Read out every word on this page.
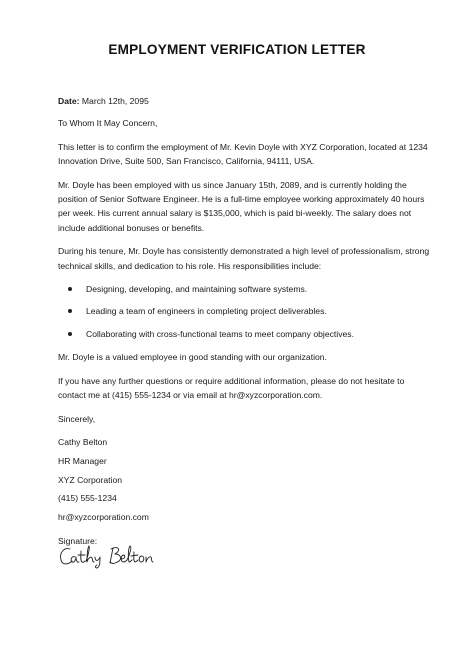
EMPLOYMENT VERIFICATION LETTER

Date: March 12th, 2095

To Whom It May Concern,

This letter is to confirm the employment of Mr. Kevin Doyle with XYZ Corporation, located at 1234 Innovation Drive, Suite 500, San Francisco, California, 94111, USA.

Mr. Doyle has been employed with us since January 15th, 2089, and is currently holding the position of Senior Software Engineer. He is a full-time employee working approximately 40 hours per week. His current annual salary is $135,000, which is paid bi-weekly. The salary does not include additional bonuses or benefits.

During his tenure, Mr. Doyle has consistently demonstrated a high level of professionalism, strong technical skills, and dedication to his role. His responsibilities include:

Designing, developing, and maintaining software systems.
Leading a team of engineers in completing project deliverables.
Collaborating with cross-functional teams to meet company objectives.

Mr. Doyle is a valued employee in good standing with our organization.

If you have any further questions or require additional information, please do not hesitate to contact me at (415) 555-1234 or via email at hr@xyzcorporation.com.

Sincerely,

Cathy Belton

HR Manager

XYZ Corporation

(415) 555-1234

hr@xyzcorporation.com

Signature:
